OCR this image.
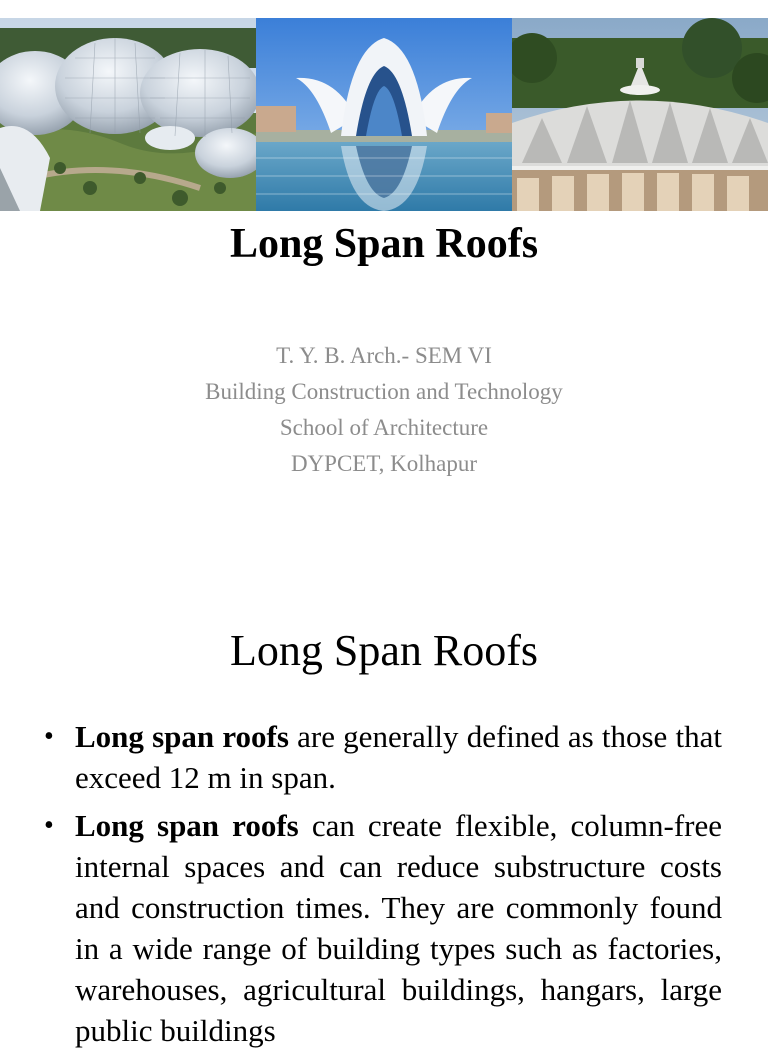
Long Span Roofs
T. Y. B. Arch.- SEM VI
Building Construction and Technology
School of Architecture
DYPCET, Kolhapur
Long Span Roofs
• Long span roofs are generally defined as those that exceed 12 m in span.
• Long span roofs can create flexible, column-free internal spaces and can reduce substructure costs and construction times. They are commonly found in a wide range of building types such as factories, warehouses, agricultural buildings, hangars, large public buildings
